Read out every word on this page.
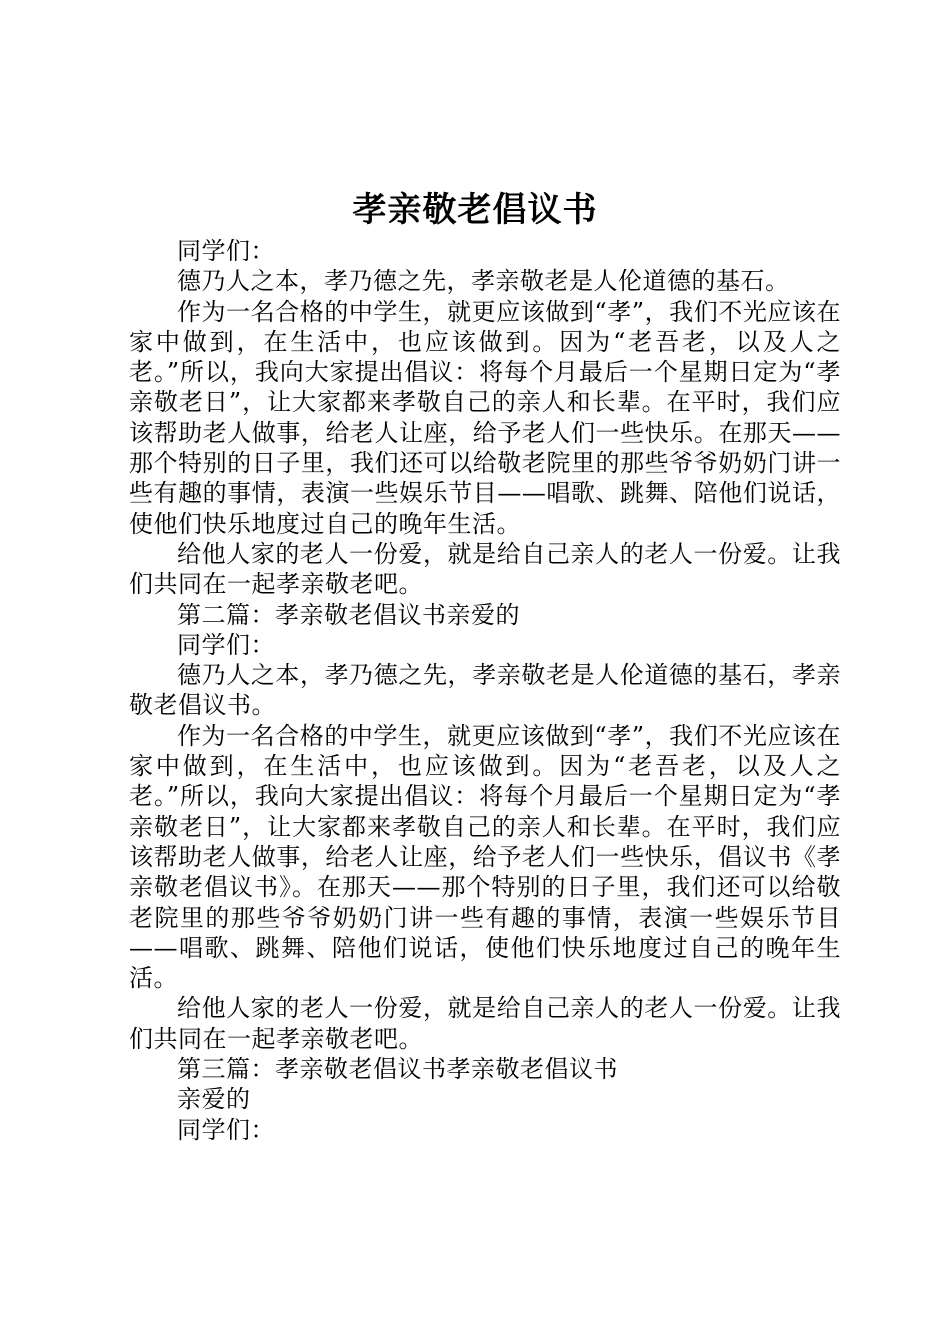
孝亲敬老倡议书

同学们：

德乃人之本，孝乃德之先，孝亲敬老是人伦道德的基石。

作为一名合格的中学生，就更应该做到“孝”，我们不光应该在家中做到，在生活中，也应该做到。因为“老吾老，以及人之老。”所以，我向大家提出倡议：将每个月最后一个星期日定为“孝亲敬老日”，让大家都来孝敬自己的亲人和长辈。在平时，我们应该帮助老人做事，给老人让座，给予老人们一些快乐。在那天——那个特别的日子里，我们还可以给敬老院里的那些爷爷奶奶门讲一些有趣的事情，表演一些娱乐节目——唱歌、跳舞、陪他们说话，使他们快乐地度过自己的晚年生活。

给他人家的老人一份爱，就是给自己亲人的老人一份爱。让我们共同在一起孝亲敬老吧。

第二篇：孝亲敬老倡议书亲爱的

同学们：

德乃人之本，孝乃德之先，孝亲敬老是人伦道德的基石，孝亲敬老倡议书。

作为一名合格的中学生，就更应该做到“孝”，我们不光应该在家中做到，在生活中，也应该做到。因为“老吾老，以及人之老。”所以，我向大家提出倡议：将每个月最后一个星期日定为“孝亲敬老日”，让大家都来孝敬自己的亲人和长辈。在平时，我们应该帮助老人做事，给老人让座，给予老人们一些快乐，倡议书《孝亲敬老倡议书》。在那天——那个特别的日子里，我们还可以给敬老院里的那些爷爷奶奶门讲一些有趣的事情，表演一些娱乐节目——唱歌、跳舞、陪他们说话，使他们快乐地度过自己的晚年生活。

给他人家的老人一份爱，就是给自己亲人的老人一份爱。让我们共同在一起孝亲敬老吧。

第三篇：孝亲敬老倡议书孝亲敬老倡议书

亲爱的

同学们：
